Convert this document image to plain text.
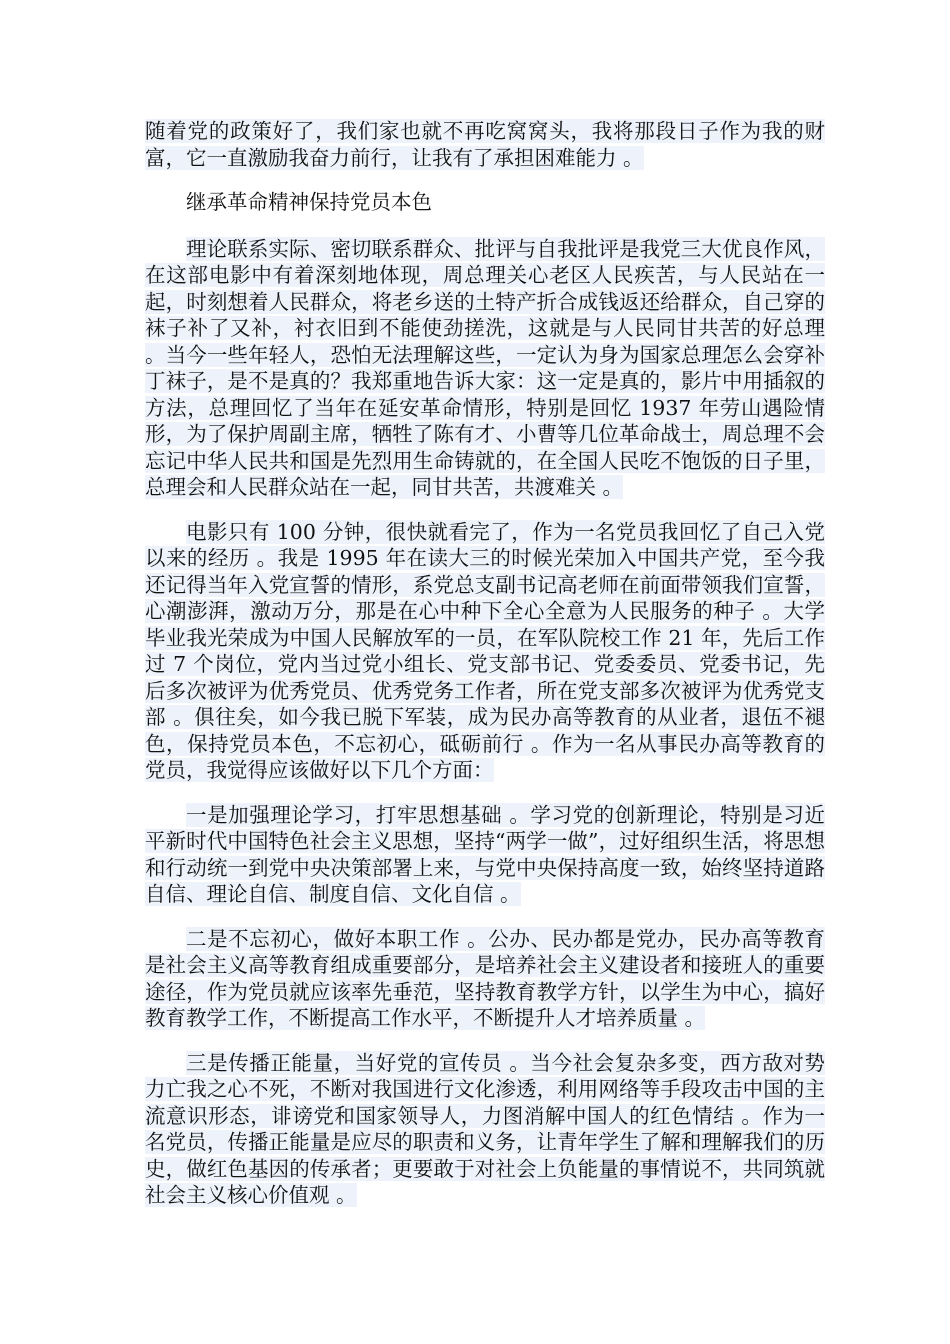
随着党的政策好了，我们家也就不再吃窝窝头，我将那段日子作为我的财富，它一直激励我奋力前行，让我有了承担困难能力 。

继承革命精神保持党员本色

理论联系实际、密切联系群众、批评与自我批评是我党三大优良作风，在这部电影中有着深刻地体现，周总理关心老区人民疾苦，与人民站在一起，时刻想着人民群众，将老乡送的土特产折合成钱返还给群众，自己穿的袜子补了又补，衬衣旧到不能使劲搓洗，这就是与人民同甘共苦的好总理 。当今一些年轻人，恐怕无法理解这些，一定认为身为国家总理怎么会穿补丁袜子，是不是真的？我郑重地告诉大家：这一定是真的，影片中用插叙的方法，总理回忆了当年在延安革命情形，特别是回忆 1937 年劳山遇险情形，为了保护周副主席，牺牲了陈有才、小曹等几位革命战士，周总理不会忘记中华人民共和国是先烈用生命铸就的，在全国人民吃不饱饭的日子里，总理会和人民群众站在一起，同甘共苦，共渡难关 。

电影只有 100 分钟，很快就看完了，作为一名党员我回忆了自己入党以来的经历 。我是 1995 年在读大三的时候光荣加入中国共产党，至今我还记得当年入党宣誓的情形，系党总支副书记高老师在前面带领我们宣誓，心潮澎湃，激动万分，那是在心中种下全心全意为人民服务的种子 。大学毕业我光荣成为中国人民解放军的一员，在军队院校工作 21 年，先后工作过 7 个岗位，党内当过党小组长、党支部书记、党委委员、党委书记，先后多次被评为优秀党员、优秀党务工作者，所在党支部多次被评为优秀党支部 。俱往矣，如今我已脱下军装，成为民办高等教育的从业者，退伍不褪色，保持党员本色，不忘初心，砥砺前行 。作为一名从事民办高等教育的党员，我觉得应该做好以下几个方面：

一是加强理论学习，打牢思想基础 。学习党的创新理论，特别是习近平新时代中国特色社会主义思想，坚持“两学一做”，过好组织生活，将思想和行动统一到党中央决策部署上来，与党中央保持高度一致，始终坚持道路自信、理论自信、制度自信、文化自信 。

二是不忘初心，做好本职工作 。公办、民办都是党办，民办高等教育是社会主义高等教育组成重要部分，是培养社会主义建设者和接班人的重要途径，作为党员就应该率先垂范，坚持教育教学方针，以学生为中心，搞好教育教学工作，不断提高工作水平，不断提升人才培养质量 。

三是传播正能量，当好党的宣传员 。当今社会复杂多变，西方敌对势力亡我之心不死，不断对我国进行文化渗透，利用网络等手段攻击中国的主流意识形态，诽谤党和国家领导人，力图消解中国人的红色情结 。作为一名党员，传播正能量是应尽的职责和义务，让青年学生了解和理解我们的历史，做红色基因的传承者；更要敢于对社会上负能量的事情说不，共同筑就社会主义核心价值观 。
